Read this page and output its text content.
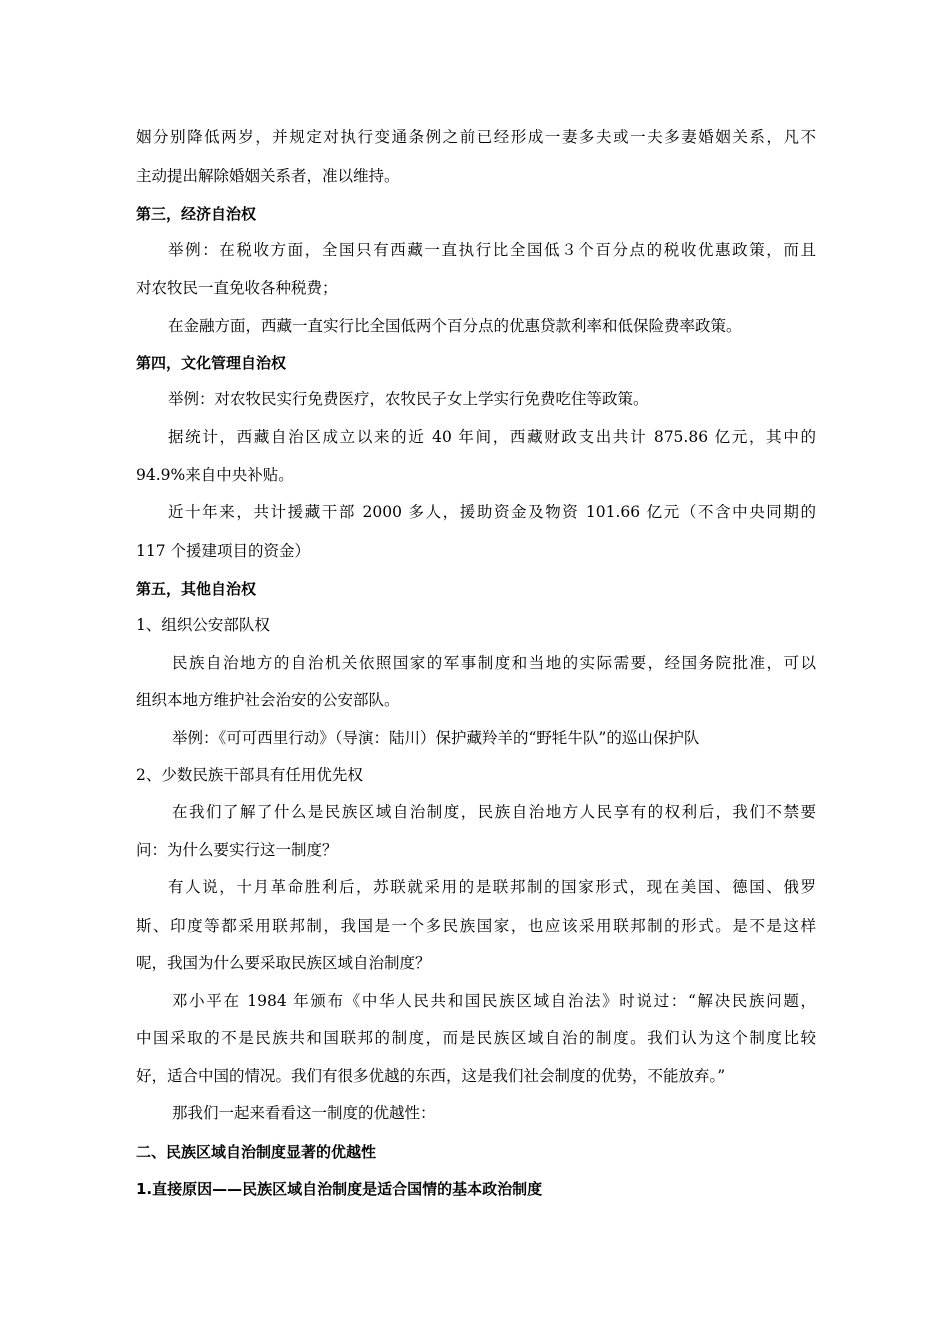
姻分别降低两岁，并规定对执行变通条例之前已经形成一妻多夫或一夫多妻婚姻关系，凡不
主动提出解除婚姻关系者，准以维持。
第三，经济自治权
举例：在税收方面，全国只有西藏一直执行比全国低３个百分点的税收优惠政策，而且
对农牧民一直免收各种税费；
在金融方面，西藏一直实行比全国低两个百分点的优惠贷款利率和低保险费率政策。
第四，文化管理自治权
举例：对农牧民实行免费医疗，农牧民子女上学实行免费吃住等政策。
据统计，西藏自治区成立以来的近 40 年间，西藏财政支出共计 875.86 亿元，其中的
94.9%来自中央补贴。
近十年来，共计援藏干部 2000 多人，援助资金及物资 101.66 亿元（不含中央同期的
117 个援建项目的资金）
第五，其他自治权
1、组织公安部队权
民族自治地方的自治机关依照国家的军事制度和当地的实际需要，经国务院批准，可以
组织本地方维护社会治安的公安部队。
举例：《可可西里行动》（导演：陆川）保护藏羚羊的“野牦牛队”的巡山保护队
2、少数民族干部具有任用优先权
在我们了解了什么是民族区域自治制度，民族自治地方人民享有的权利后，我们不禁要
问：为什么要实行这一制度？
有人说，十月革命胜利后，苏联就采用的是联邦制的国家形式，现在美国、德国、俄罗
斯、印度等都采用联邦制，我国是一个多民族国家，也应该采用联邦制的形式。是不是这样
呢，我国为什么要采取民族区域自治制度？
邓小平在 1984 年颁布《中华人民共和国民族区域自治法》时说过：“解决民族问题，
中国采取的不是民族共和国联邦的制度，而是民族区域自治的制度。我们认为这个制度比较
好，适合中国的情况。我们有很多优越的东西，这是我们社会制度的优势，不能放弃。”
那我们一起来看看这一制度的优越性：
二、民族区域自治制度显著的优越性
1.直接原因——民族区域自治制度是适合国情的基本政治制度
